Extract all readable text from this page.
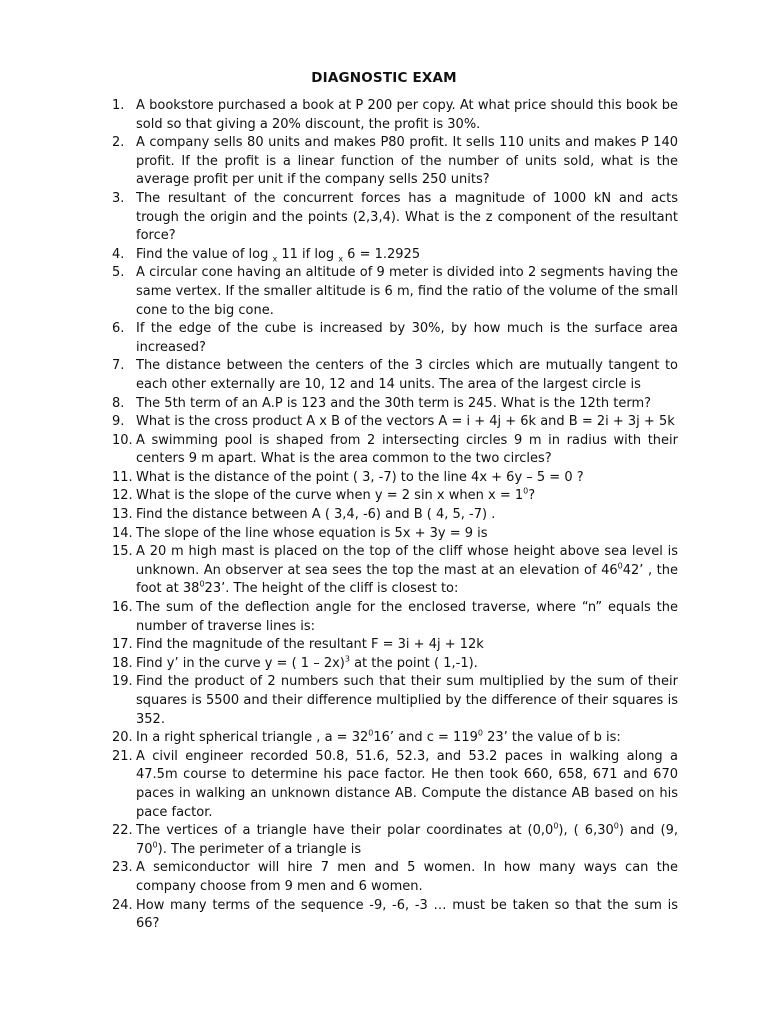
DIAGNOSTIC EXAM
1. A bookstore purchased a book at P 200 per copy. At what price should this book be sold so that giving a 20% discount, the profit is 30%.
2. A company sells 80 units and makes P80 profit. It sells 110 units and makes P 140 profit. If the profit is a linear function of the number of units sold, what is the average profit per unit if the company sells 250 units?
3. The resultant of the concurrent forces has a magnitude of 1000 kN and acts trough the origin and the points (2,3,4). What is the z component of the resultant force?
4. Find the value of log $_x$ 11 if log $_x$ 6 = 1.2925
5. A circular cone having an altitude of 9 meter is divided into 2 segments having the same vertex. If the smaller altitude is 6 m, find the ratio of the volume of the small cone to the big cone.
6. If the edge of the cube is increased by 30%, by how much is the surface area increased?
7. The distance between the centers of the 3 circles which are mutually tangent to each other externally are 10, 12 and 14 units. The area of the largest circle is
8. The 5th term of an A.P is 123 and the 30th term is 245. What is the 12th term?
9. What is the cross product A x B of the vectors A = i + 4j + 6k and B = 2i + 3j + 5k
10. A swimming pool is shaped from 2 intersecting circles 9 m in radius with their centers 9 m apart. What is the area common to the two circles?
11. What is the distance of the point ( 3, -7) to the line 4x + 6y – 5 = 0 ?
12. What is the slope of the curve when y = 2 sin x when $x = 1^0$?
13. Find the distance between A ( 3,4, -6) and B ( 4, 5, -7) .
14. The slope of the line whose equation is 5x + 3y = 9 is
15. A 20 m high mast is placed on the top of the cliff whose height above sea level is unknown. An observer at sea sees the top the mast at an elevation of $46^042$’ , the foot at $38^023$’. The height of the cliff is closest to:
16. The sum of the deflection angle for the enclosed traverse, where “n” equals the number of traverse lines is:
17. Find the magnitude of the resultant F = 3i + 4j + 12k
18. Find y’ in the curve y = ( 1 – 2x)$^3$ at the point ( 1,-1).
19. Find the product of 2 numbers such that their sum multiplied by the sum of their squares is 5500 and their difference multiplied by the difference of their squares is 352.
20. In a right spherical triangle , $a = 32^016$’ and $c = 119^0$ 23’ the value of b is:
21. A civil engineer recorded 50.8, 51.6, 52.3, and 53.2 paces in walking along a 47.5m course to determine his pace factor. He then took 660, 658, 671 and 670 paces in walking an unknown distance AB. Compute the distance AB based on his pace factor.
22. The vertices of a triangle have their polar coordinates at $(0,0^0)$, ( 6,30$^0$) and (9, $70^0$). The perimeter of a triangle is
23. A semiconductor will hire 7 men and 5 women. In how many ways can the company choose from 9 men and 6 women.
24. How many terms of the sequence -9, -6, -3 … must be taken so that the sum is 66?
